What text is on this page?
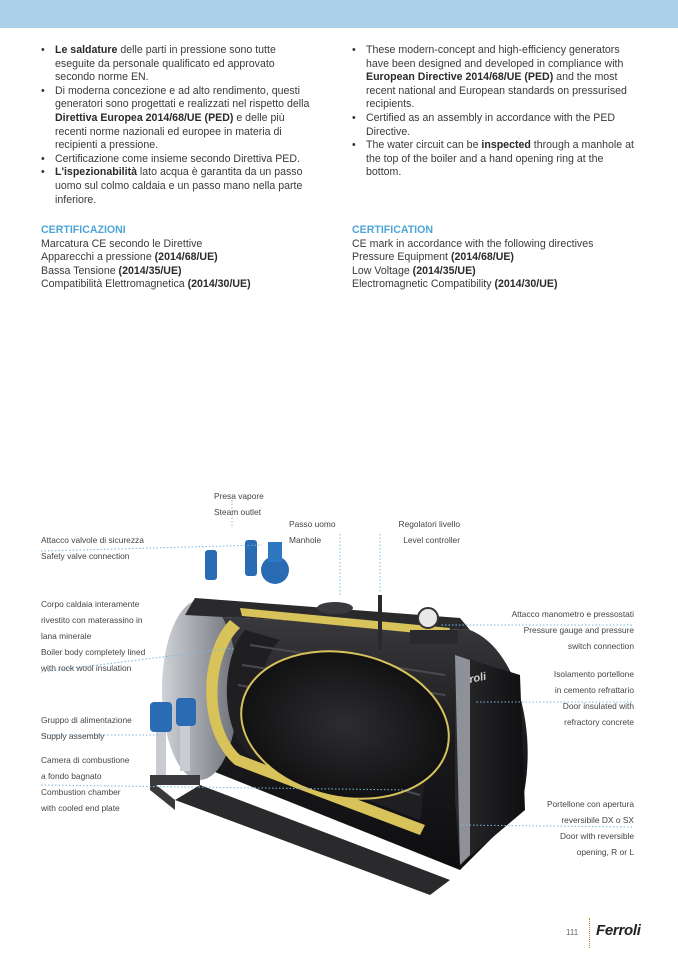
• Le saldature delle parti in pressione sono tutte eseguite da personale qualificato ed approvato secondo norme EN.
• Di moderna concezione e ad alto rendimento, questi generatori sono progettati e realizzati nel rispetto della Direttiva Europea 2014/68/UE (PED) e delle più recenti norme nazionali ed europee in materia di recipienti a pressione.
• Certificazione come insieme secondo Direttiva PED.
• L'ispezionabilità lato acqua è garantita da un passo uomo sul colmo caldaia e un passo mano nella parte inferiore.
• These modern-concept and high-efficiency generators have been designed and developed in compliance with European Directive 2014/68/UE (PED) and the most recent national and European standards on pressurised recipients.
• Certified as an assembly in accordance with the PED Directive.
• The water circuit can be inspected through a manhole at the top of the boiler and a hand opening ring at the bottom.
CERTIFICAZIONI
Marcatura CE secondo le Direttive
Apparecchi a pressione (2014/68/UE)
Bassa Tensione (2014/35/UE)
Compatibilità Elettromagnetica (2014/30/UE)
CERTIFICATION
CE mark in accordance with the following directives
Pressure Equipment (2014/68/UE)
Low Voltage (2014/35/UE)
Electromagnetic Compatibility (2014/30/UE)
roli
Presa vapore
Steam outlet
Passo uomo
Manhole
Regolatori livello
Level controller
Attacco valvole di sicurezza
Safety valve connection
Corpo caldaia interamente
rivestito con materassino in
lana minerale
Boiler body completely lined
with rock wool insulation
Attacco manometro e pressostati
Pressure gauge and pressure
switch connection
Isolamento portellone
in cemento refrattario
Door insulated with
refractory concrete
Gruppo di alimentazione
Supply assembly
Camera di combustione
a fondo bagnato
Combustion chamber
with cooled end plate	Portellone con apertura
reversibile DX o SX
Door with reversible
opening, R or L
111 Ferroli
